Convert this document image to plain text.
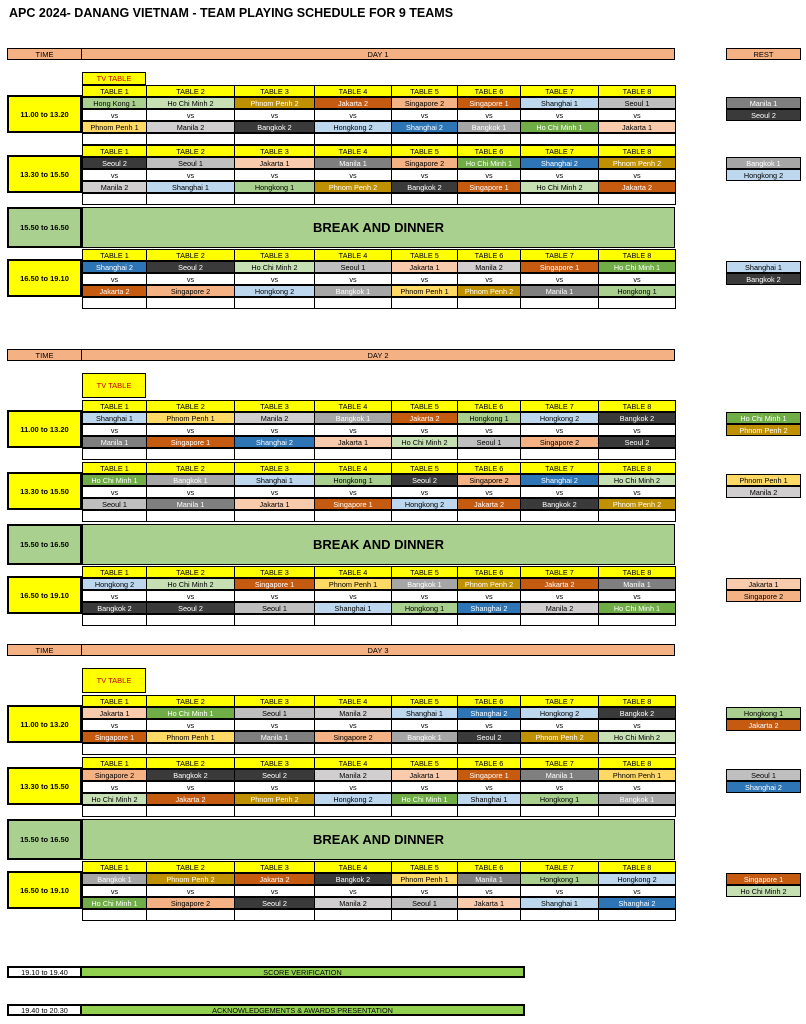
APC 2024- DANANG VIETNAM - TEAM PLAYING SCHEDULE FOR 9 TEAMS
TIME	DAY 1	REST
TV TABLE
TABLE 1	TABLE 2	TABLE 3	TABLE 4	TABLE 5	TABLE 6	TABLE 7	TABLE 8
Hong Kong 1	Ho Chi Minh 2	Phnom Penh 2	Jakarta 2	Singapore 2	Singapore 1	Shanghai 1	Seoul 1
vs	vs	vs	vs	vs	vs	vs	vs
Phnom Penh 1	Manila 2	Bangkok 2	Hongkong 2	Shanghai 2	Bangkok 1	Ho Chi Minh 1	Jakarta 1
11.00 to 13.20
Manila 1
Seoul 2
TABLE 1	TABLE 2	TABLE 3	TABLE 4	TABLE 5	TABLE 6	TABLE 7	TABLE 8
Seoul 2	Seoul 1	Jakarta 1	Manila 1	Singapore 2	Ho Chi Minh 1	Shanghai 2	Phnom Penh 2
vs	vs	vs	vs	vs	vs	vs	vs
Manila 2	Shanghai 1	Hongkong 1	Phnom Penh 2	Bangkok 2	Singapore 1	Ho Chi Minh 2	Jakarta 2
13.30 to 15.50
Bangkok 1
Hongkong 2
TABLE 1	TABLE 2	TABLE 3	TABLE 4	TABLE 5	TABLE 6	TABLE 7	TABLE 8
Shanghai 2	Seoul 2	Ho Chi Minh 2	Seoul 1	Jakarta 1	Manila 2	Singapore 1	Ho Chi Minh 1
vs	vs	vs	vs	vs	vs	vs	vs
Jakarta 2	Singapore 2	Hongkong 2	Bangkok 1	Phnom Penh 1	Phnom Penh 2	Manila 1	Hongkong 1
16.50 to 19.10
Shanghai 1
Bangkok 2
15.50 to 16.50	BREAK AND DINNER
TIME	DAY 2
TV TABLE
TABLE 1	TABLE 2	TABLE 3	TABLE 4	TABLE 5	TABLE 6	TABLE 7	TABLE 8
Shanghai 1	Phnom Penh 1	Manila 2	Bangkok 1	Jakarta 2	Hongkong 1	Hongkong 2	Bangkok 2
vs	vs	vs	vs	vs	vs	vs	vs
Manila 1	Singapore 1	Shanghai 2	Jakarta 1	Ho Chi Minh 2	Seoul 1	Singapore 2	Seoul 2
11.00 to 13.20
Ho Chi Minh 1
Phnom Penh 2
TABLE 1	TABLE 2	TABLE 3	TABLE 4	TABLE 5	TABLE 6	TABLE 7	TABLE 8
Ho Chi Minh 1	Bangkok 1	Shanghai 1	Hongkong 1	Seoul 2	Singapore 2	Shanghai 2	Ho Chi Minh 2
vs	vs	vs	vs	vs	vs	vs	vs
Seoul 1	Manila 1	Jakarta 1	Singapore 1	Hongkong 2	Jakarta 2	Bangkok 2	Phnom Penh 2
13.30 to 15.50
Phnom Penh 1
Manila 2
TABLE 1	TABLE 2	TABLE 3	TABLE 4	TABLE 5	TABLE 6	TABLE 7	TABLE 8
Hongkong 2	Ho Chi Minh 2	Singapore 1	Phnom Penh 1	Bangkok 1	Phnom Penh 2	Jakarta 2	Manila 1
vs	vs	vs	vs	vs	vs	vs	vs
Bangkok 2	Seoul 2	Seoul 1	Shanghai 1	Hongkong 1	Shanghai 2	Manila 2	Ho Chi Minh 1
16.50 to 19.10
Jakarta 1
Singapore 2
15.50 to 16.50	BREAK AND DINNER
TIME	DAY 3
TV TABLE
TABLE 1	TABLE 2	TABLE 3	TABLE 4	TABLE 5	TABLE 6	TABLE 7	TABLE 8
Jakarta 1	Ho Chi Minh 1	Seoul 1	Manila 2	Shanghai 1	Shanghai 2	Hongkong 2	Bangkok 2
vs	vs	vs	vs	vs	vs	vs	vs
Singapore 1	Phnom Penh 1	Manila 1	Singapore 2	Bangkok 1	Seoul 2	Phnom Penh 2	Ho Chi Minh 2
11.00 to 13.20
Hongkong 1
Jakarta 2
TABLE 1	TABLE 2	TABLE 3	TABLE 4	TABLE 5	TABLE 6	TABLE 7	TABLE 8
Singapore 2	Bangkok 2	Seoul 2	Manila 2	Jakarta 1	Singapore 1	Manila 1	Phnom Penh 1
vs	vs	vs	vs	vs	vs	vs	vs
Ho Chi Minh 2	Jakarta 2	Phnom Penh 2	Hongkong 2	Ho Chi Minh 1	Shanghai 1	Hongkong 1	Bangkok 1
13.30 to 15.50
Seoul 1
Shanghai 2
TABLE 1	TABLE 2	TABLE 3	TABLE 4	TABLE 5	TABLE 6	TABLE 7	TABLE 8
Bangkok 1	Phnom Penh 2	Jakarta 2	Bangkok 2	Phnom Penh 1	Manila 1	Hongkong 1	Hongkong 2
vs	vs	vs	vs	vs	vs	vs	vs
Ho Chi Minh 1	Singapore 2	Seoul 2	Manila 2	Seoul 1	Jakarta 1	Shanghai 1	Shanghai 2
16.50 to 19.10
Singapore 1
Ho Chi Minh 2
15.50 to 16.50	BREAK AND DINNER
19.10 to 19.40	SCORE VERIFICATION
19.40 to 20.30	ACKNOWLEDGEMENTS & AWARDS PRESENTATION
